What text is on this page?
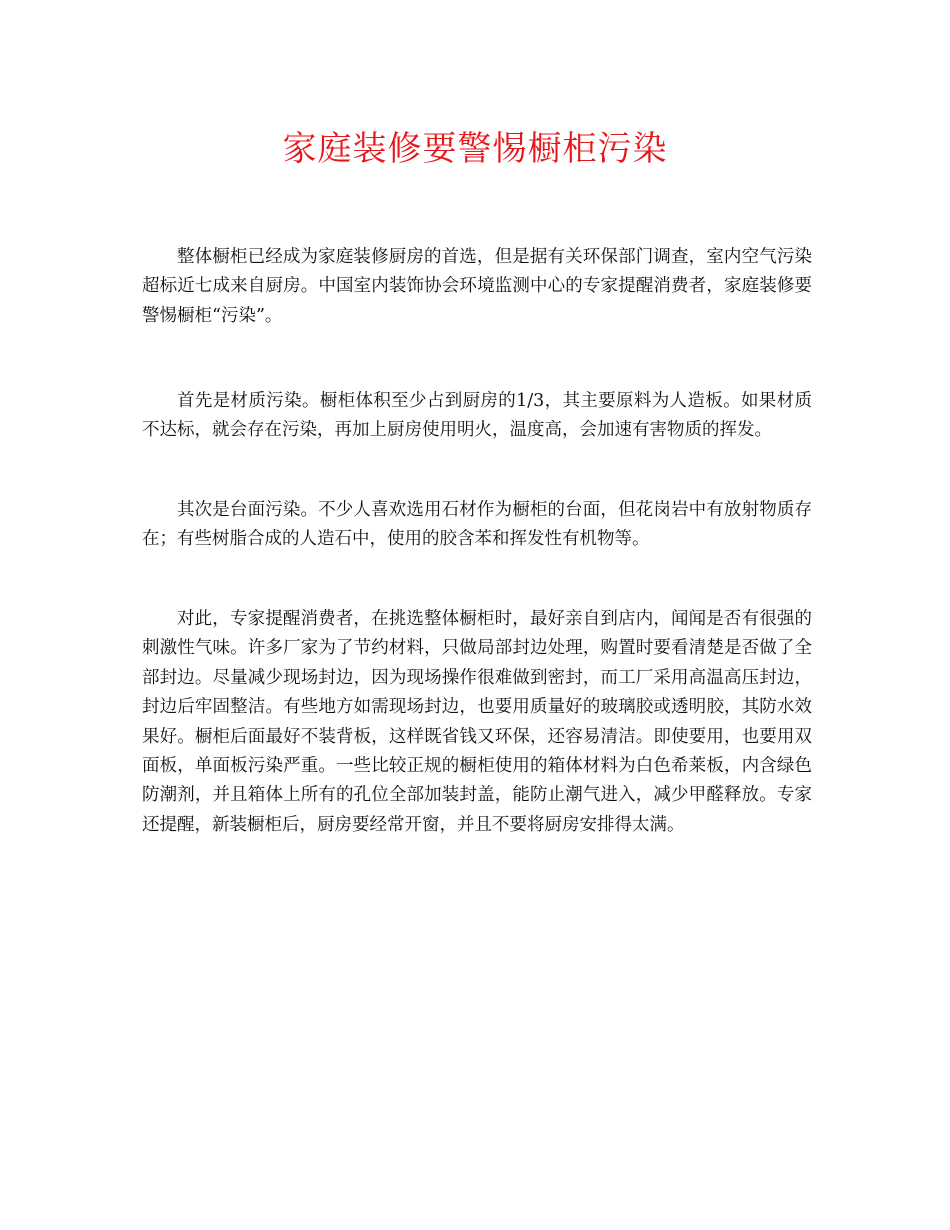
家庭装修要警惕橱柜污染

整体橱柜已经成为家庭装修厨房的首选，但是据有关环保部门调查，室内空气污染超标近七成来自厨房。中国室内装饰协会环境监测中心的专家提醒消费者，家庭装修要警惕橱柜“污染”。

首先是材质污染。橱柜体积至少占到厨房的1/3，其主要原料为人造板。如果材质不达标，就会存在污染，再加上厨房使用明火，温度高，会加速有害物质的挥发。

其次是台面污染。不少人喜欢选用石材作为橱柜的台面，但花岗岩中有放射物质存在；有些树脂合成的人造石中，使用的胶含苯和挥发性有机物等。

对此，专家提醒消费者，在挑选整体橱柜时，最好亲自到店内，闻闻是否有很强的刺激性气味。许多厂家为了节约材料，只做局部封边处理，购置时要看清楚是否做了全部封边。尽量减少现场封边，因为现场操作很难做到密封，而工厂采用高温高压封边，封边后牢固整洁。有些地方如需现场封边，也要用质量好的玻璃胶或透明胶，其防水效果好。橱柜后面最好不装背板，这样既省钱又环保，还容易清洁。即使要用，也要用双面板，单面板污染严重。一些比较正规的橱柜使用的箱体材料为白色希莱板，内含绿色防潮剂，并且箱体上所有的孔位全部加装封盖，能防止潮气进入，减少甲醛释放。专家还提醒，新装橱柜后，厨房要经常开窗，并且不要将厨房安排得太满。
